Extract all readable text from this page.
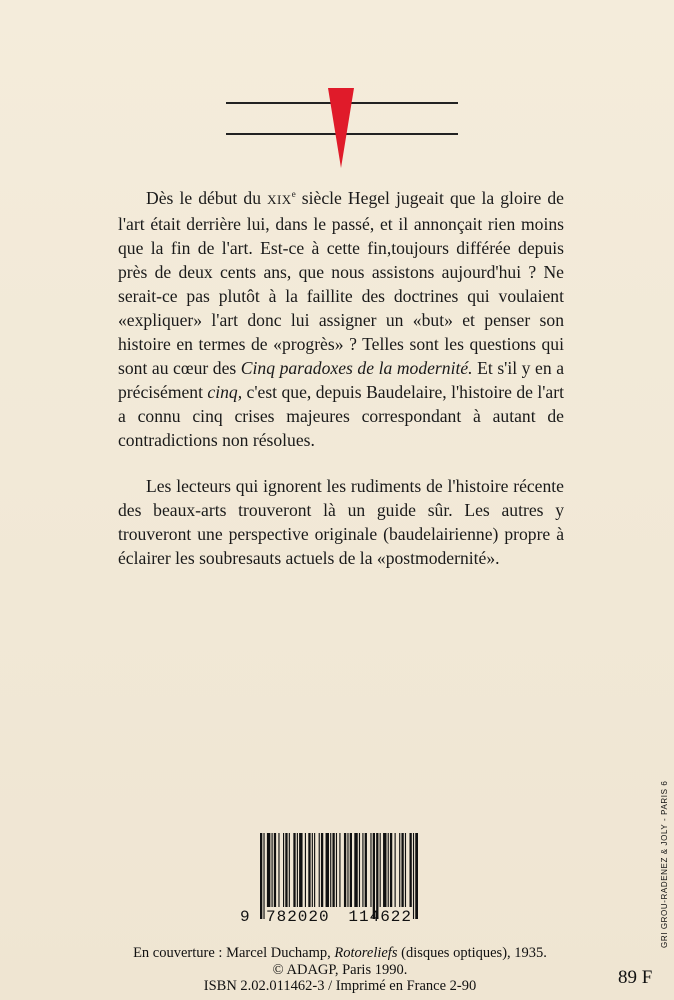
Dès le début du XIXe siècle Hegel jugeait que la gloire de l'art était derrière lui, dans le passé, et il annonçait rien moins que la fin de l'art. Est-ce à cette fin,toujours différée depuis près de deux cents ans, que nous assistons aujourd'hui ? Ne serait-ce pas plutôt à la faillite des doctrines qui voulaient «expliquer» l'art donc lui assigner un «but» et penser son histoire en termes de «progrès» ? Telles sont les questions qui sont au cœur des Cinq paradoxes de la modernité. Et s'il y en a précisément cinq, c'est que, depuis Baudelaire, l'histoire de l'art a connu cinq crises majeures correspondant à autant de contradictions non résolues.

Les lecteurs qui ignorent les rudiments de l'histoire récente des beaux-arts trouveront là un guide sûr. Les autres y trouveront une perspective originale (baudelairienne) propre à éclairer les soubresauts actuels de la «postmodernité».

9 782020 114622
En couverture : Marcel Duchamp, Rotoreliefs (disques optiques), 1935.
© ADAGP, Paris 1990.
ISBN 2.02.011462-3 / Imprimé en France 2-90	89 F
GRI GROU-RADENEZ & JOLY - PARIS 6
